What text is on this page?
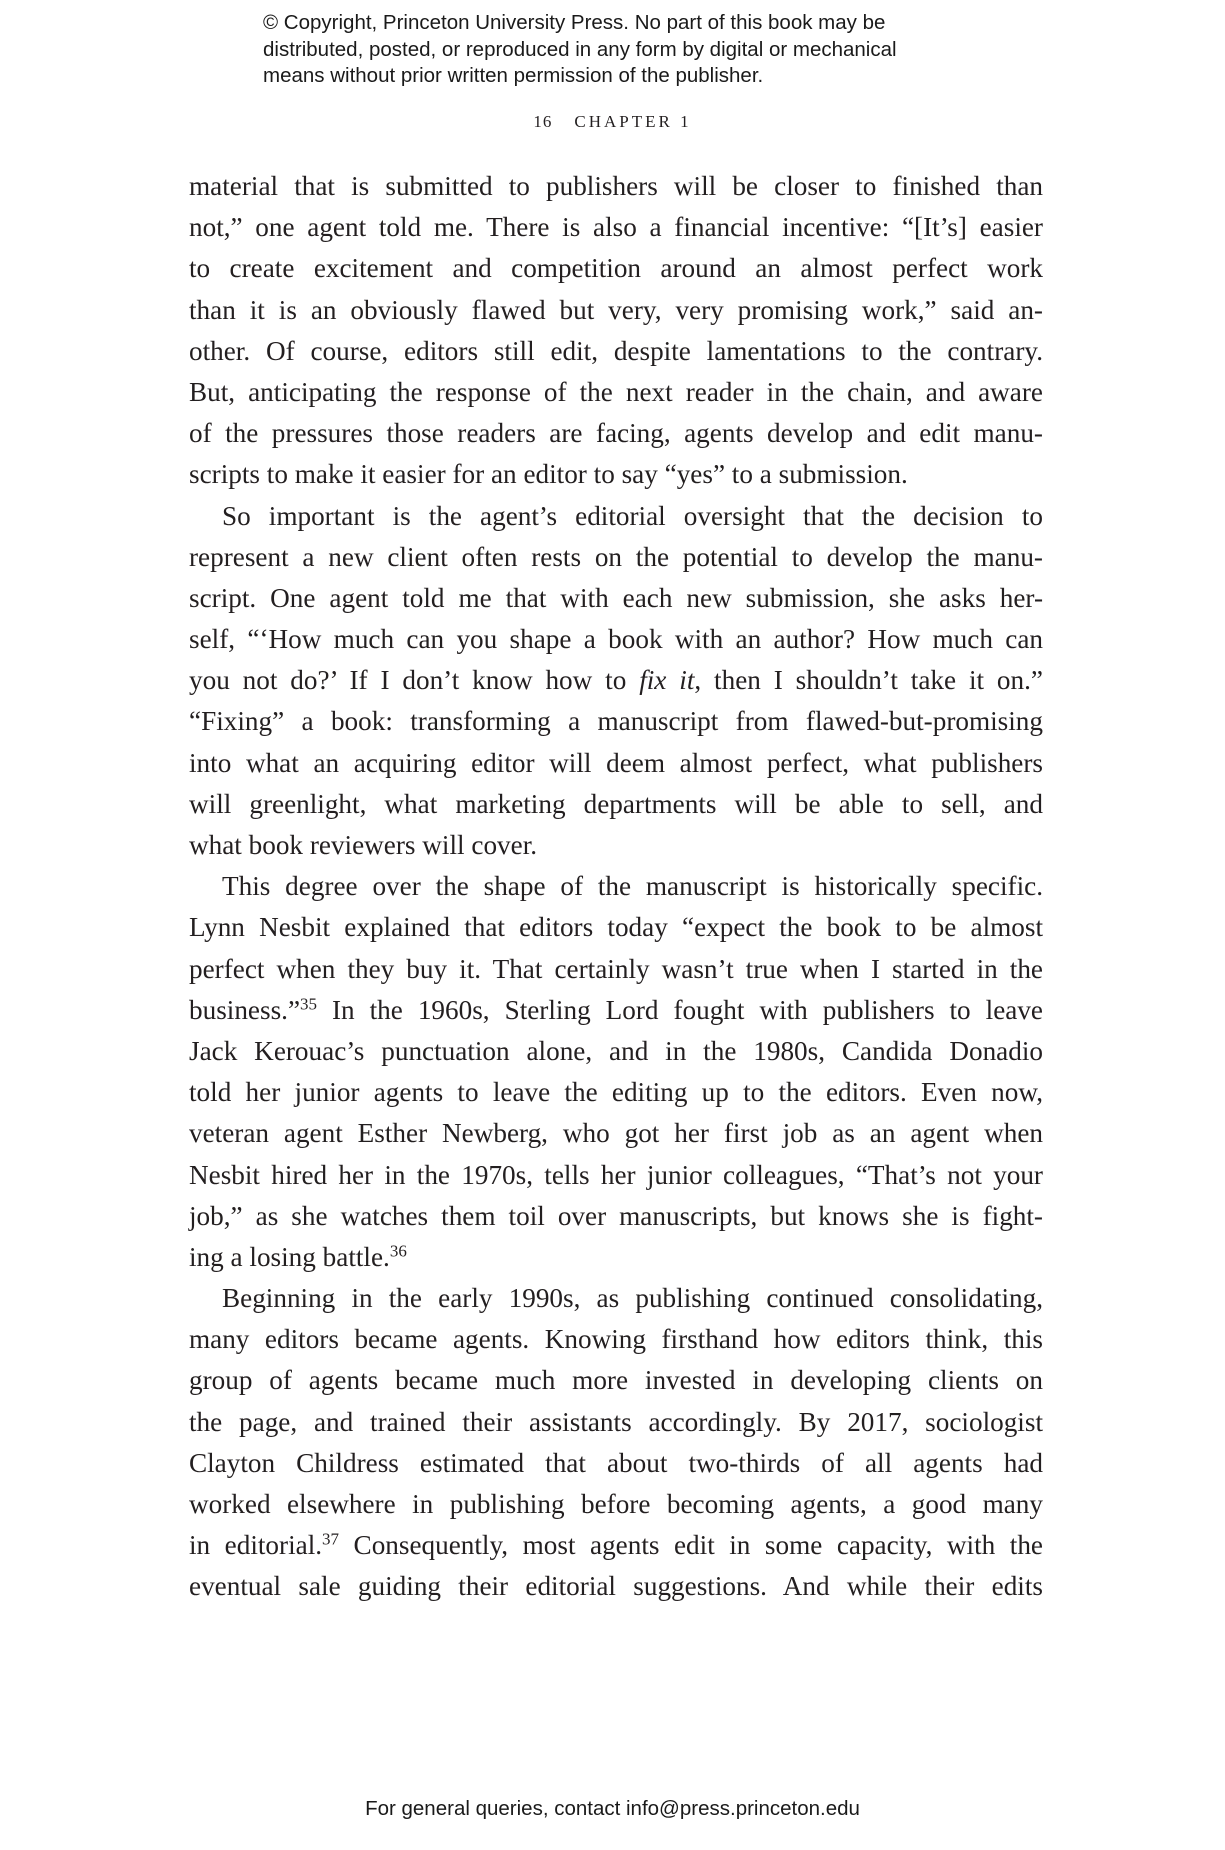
© Copyright, Princeton University Press. No part of this book may be
distributed, posted, or reproduced in any form by digital or mechanical
means without prior written permission of the publisher.
16 CHAPTER 1
material that is submitted to publishers will be closer to finished than
not,” one agent told me. There is also a financial incentive: “[It’s] easier
to create excitement and competition around an almost perfect work
than it is an obviously flawed but very, very promising work,” said an-
other. Of course, editors still edit, despite lamentations to the contrary.
But, anticipating the response of the next reader in the chain, and aware
of the pressures those readers are facing, agents develop and edit manu-
scripts to make it easier for an editor to say “yes” to a submission.
So important is the agent’s editorial oversight that the decision to
represent a new client often rests on the potential to develop the manu-
script. One agent told me that with each new submission, she asks her-
self, “‘How much can you shape a book with an author? How much can
you not do?’ If I don’t know how to fix it, then I shouldn’t take it on.”
“Fixing” a book: transforming a manuscript from flawed-but-promising
into what an acquiring editor will deem almost perfect, what publishers
will greenlight, what marketing departments will be able to sell, and
what book reviewers will cover.
This degree over the shape of the manuscript is historically specific.
Lynn Nesbit explained that editors today “expect the book to be almost
perfect when they buy it. That certainly wasn’t true when I started in the
business.”$^{35}$ In the 1960s, Sterling Lord fought with publishers to leave
Jack Kerouac’s punctuation alone, and in the 1980s, Candida Donadio
told her junior agents to leave the editing up to the editors. Even now,
veteran agent Esther Newberg, who got her first job as an agent when
Nesbit hired her in the 1970s, tells her junior colleagues, “That’s not your
job,” as she watches them toil over manuscripts, but knows she is fight-
ing a losing battle.$^{36}$
Beginning in the early 1990s, as publishing continued consolidating,
many editors became agents. Knowing firsthand how editors think, this
group of agents became much more invested in developing clients on
the page, and trained their assistants accordingly. By 2017, sociologist
Clayton Childress estimated that about two-thirds of all agents had
worked elsewhere in publishing before becoming agents, a good many
in editorial.$^{37}$ Consequently, most agents edit in some capacity, with the
eventual sale guiding their editorial suggestions. And while their edits
For general queries, contact info@press.princeton.edu
